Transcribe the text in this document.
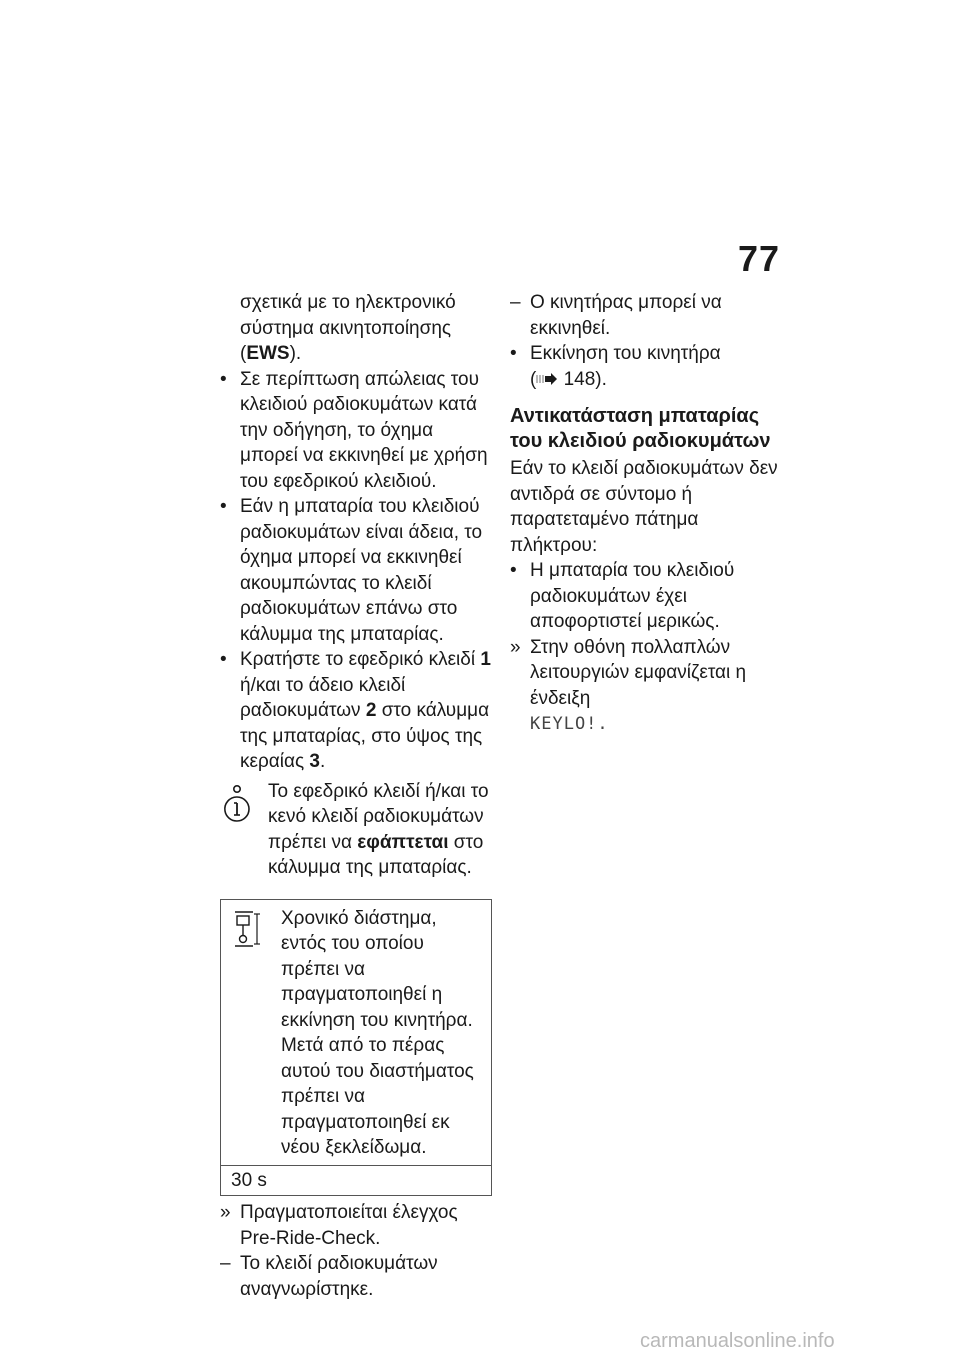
77

σχετικά με το ηλεκτρονικό σύστημα ακινητοποίησης (EWS).

• Σε περίπτωση απώλειας του κλειδιού ραδιοκυμάτων κατά την οδήγηση, το όχημα μπορεί να εκκινηθεί με χρήση του εφεδρικού κλειδιού.
• Εάν η μπαταρία του κλειδιού ραδιοκυμάτων είναι άδεια, το όχημα μπορεί να εκκινηθεί ακουμπώντας το κλειδί ραδιοκυμάτων επάνω στο κάλυμμα της μπαταρίας.
• Κρατήστε το εφεδρικό κλειδί 1 ή/και το άδειο κλειδί ραδιοκυμάτων 2 στο κάλυμμα της μπαταρίας, στο ύψος της κεραίας 3.

Το εφεδρικό κλειδί ή/και το κενό κλειδί ραδιοκυμάτων πρέπει να εφάπτεται στο κάλυμμα της μπαταρίας.

Χρονικό διάστημα, εντός του οποίου πρέπει να πραγματοποιηθεί η εκκίνηση του κινητήρα. Μετά από το πέρας αυτού του διαστήματος πρέπει να πραγματοποιηθεί εκ νέου ξεκλείδωμα.

30 s
» Πραγματοποιείται έλεγχος Pre-Ride-Check.
– Το κλειδί ραδιοκυμάτων αναγνωρίστηκε.
– Ο κινητήρας μπορεί να εκκινηθεί.
• Εκκίνηση του κινητήρα
( 148).
Αντικατάσταση μπαταρίας του κλειδιού ραδιοκυμάτων

Εάν το κλειδί ραδιοκυμάτων δεν αντιδρά σε σύντομο ή παρατεταμένο πάτημα πλήκτρου:

• Η μπαταρία του κλειδιού ραδιοκυμάτων έχει αποφορτιστεί μερικώς.
» Στην οθόνη πολλαπλών λειτουργιών εμφανίζεται η ένδειξη
KEYLO!.
carmanualsonline.info
